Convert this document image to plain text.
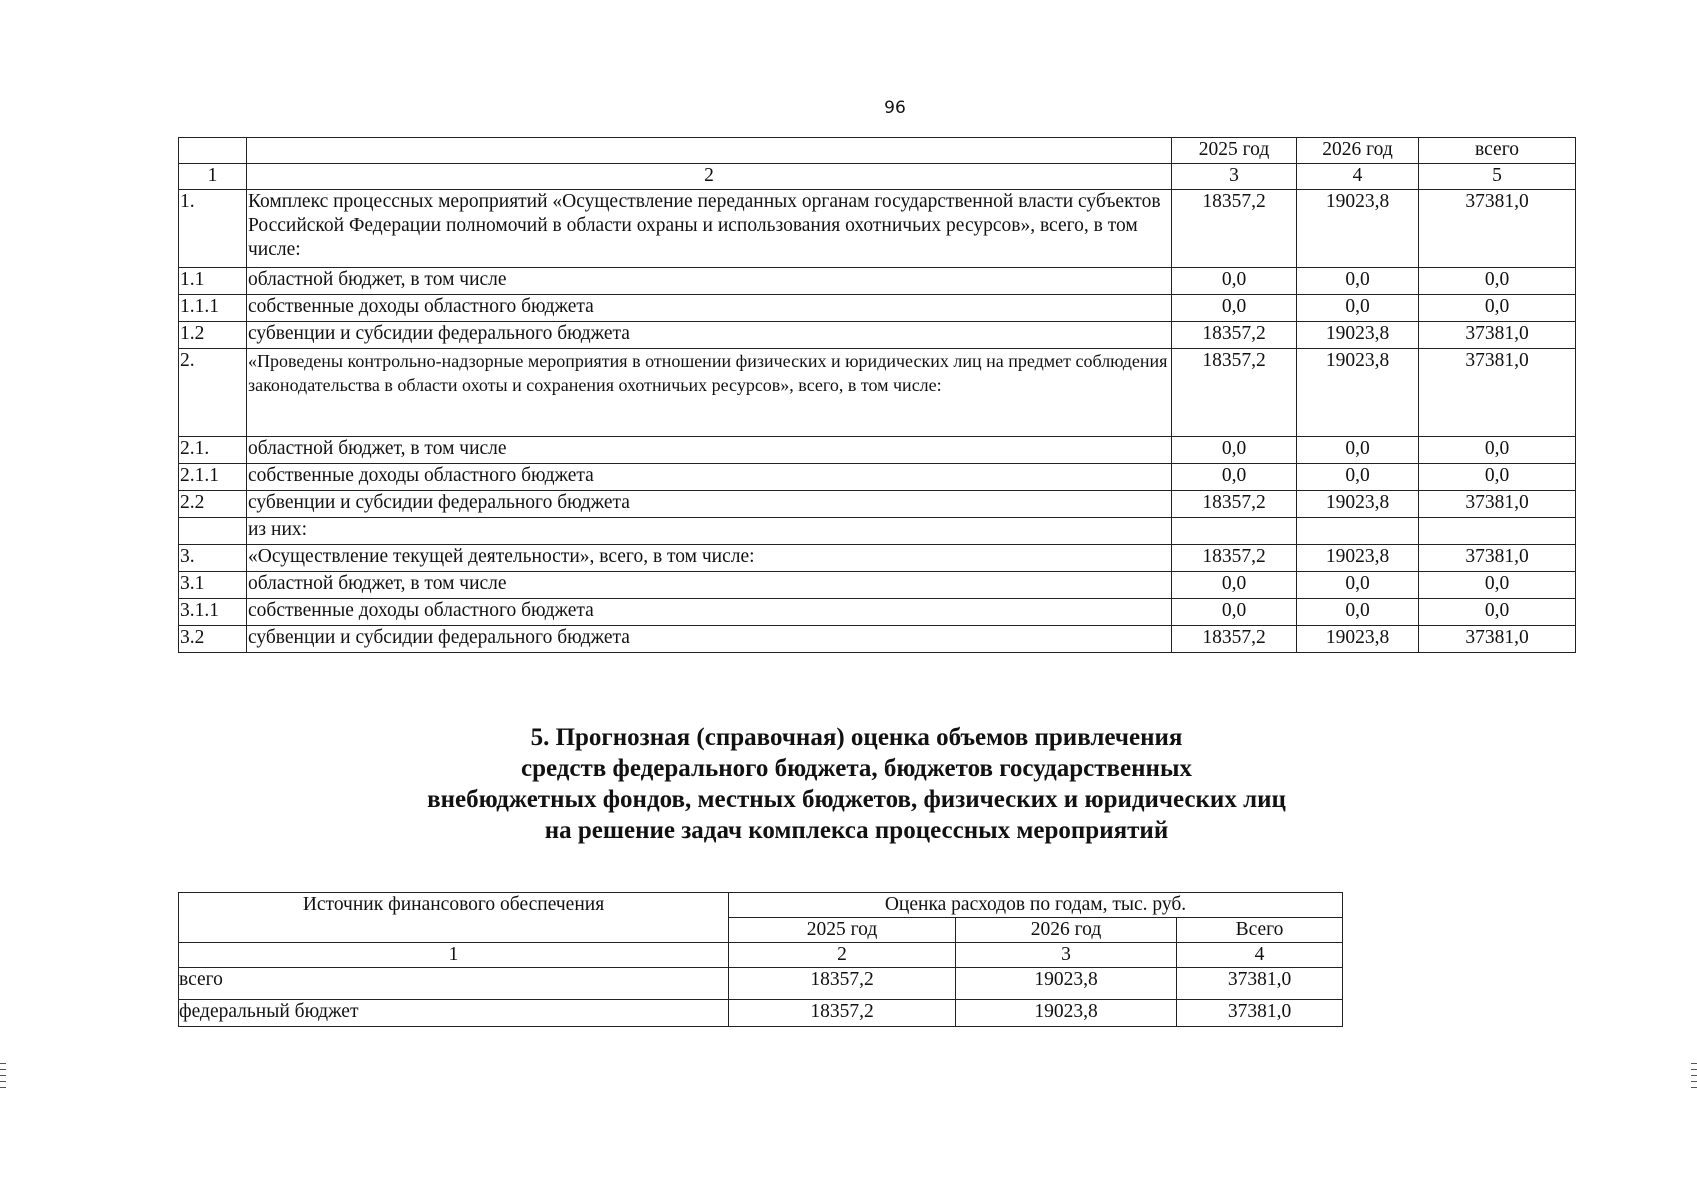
96
		2025 год	2026 год	всего
1	2	3	4	5
1.	Комплекс процессных мероприятий «Осуществление переданных органам государственной власти субъектов Российской Федерации полномочий в области охраны и использования охотничьих ресурсов», всего, в том числе:	18357,2	19023,8	37381,0
1.1	областной бюджет, в том числе	0,0	0,0	0,0
1.1.1	собственные доходы областного бюджета	0,0	0,0	0,0
1.2	субвенции и субсидии федерального бюджета	18357,2	19023,8	37381,0
2.	«Проведены контрольно-надзорные мероприятия в отношении физических и юридических лиц на предмет соблюдения законодательства в области охоты и сохранения охотничьих ресурсов», всего, в том числе:	18357,2	19023,8	37381,0
2.1.	областной бюджет, в том числе	0,0	0,0	0,0
2.1.1	собственные доходы областного бюджета	0,0	0,0	0,0
2.2	субвенции и субсидии федерального бюджета	18357,2	19023,8	37381,0
	из них:			
3.	«Осуществление текущей деятельности», всего, в том числе:	18357,2	19023,8	37381,0
3.1	областной бюджет, в том числе	0,0	0,0	0,0
3.1.1	собственные доходы областного бюджета	0,0	0,0	0,0
3.2	субвенции и субсидии федерального бюджета	18357,2	19023,8	37381,0
5. Прогнозная (справочная) оценка объемов привлечения
средств федерального бюджета, бюджетов государственных
внебюджетных фондов, местных бюджетов, физических и юридических лиц
на решение задач комплекса процессных мероприятий
Источник финансового обеспечения	Оценка расходов по годам, тыс. руб.		
	2025 год	2026 год	Всего
1	2	3	4
всего	18357,2	19023,8	37381,0
федеральный бюджет	18357,2	19023,8	37381,0
